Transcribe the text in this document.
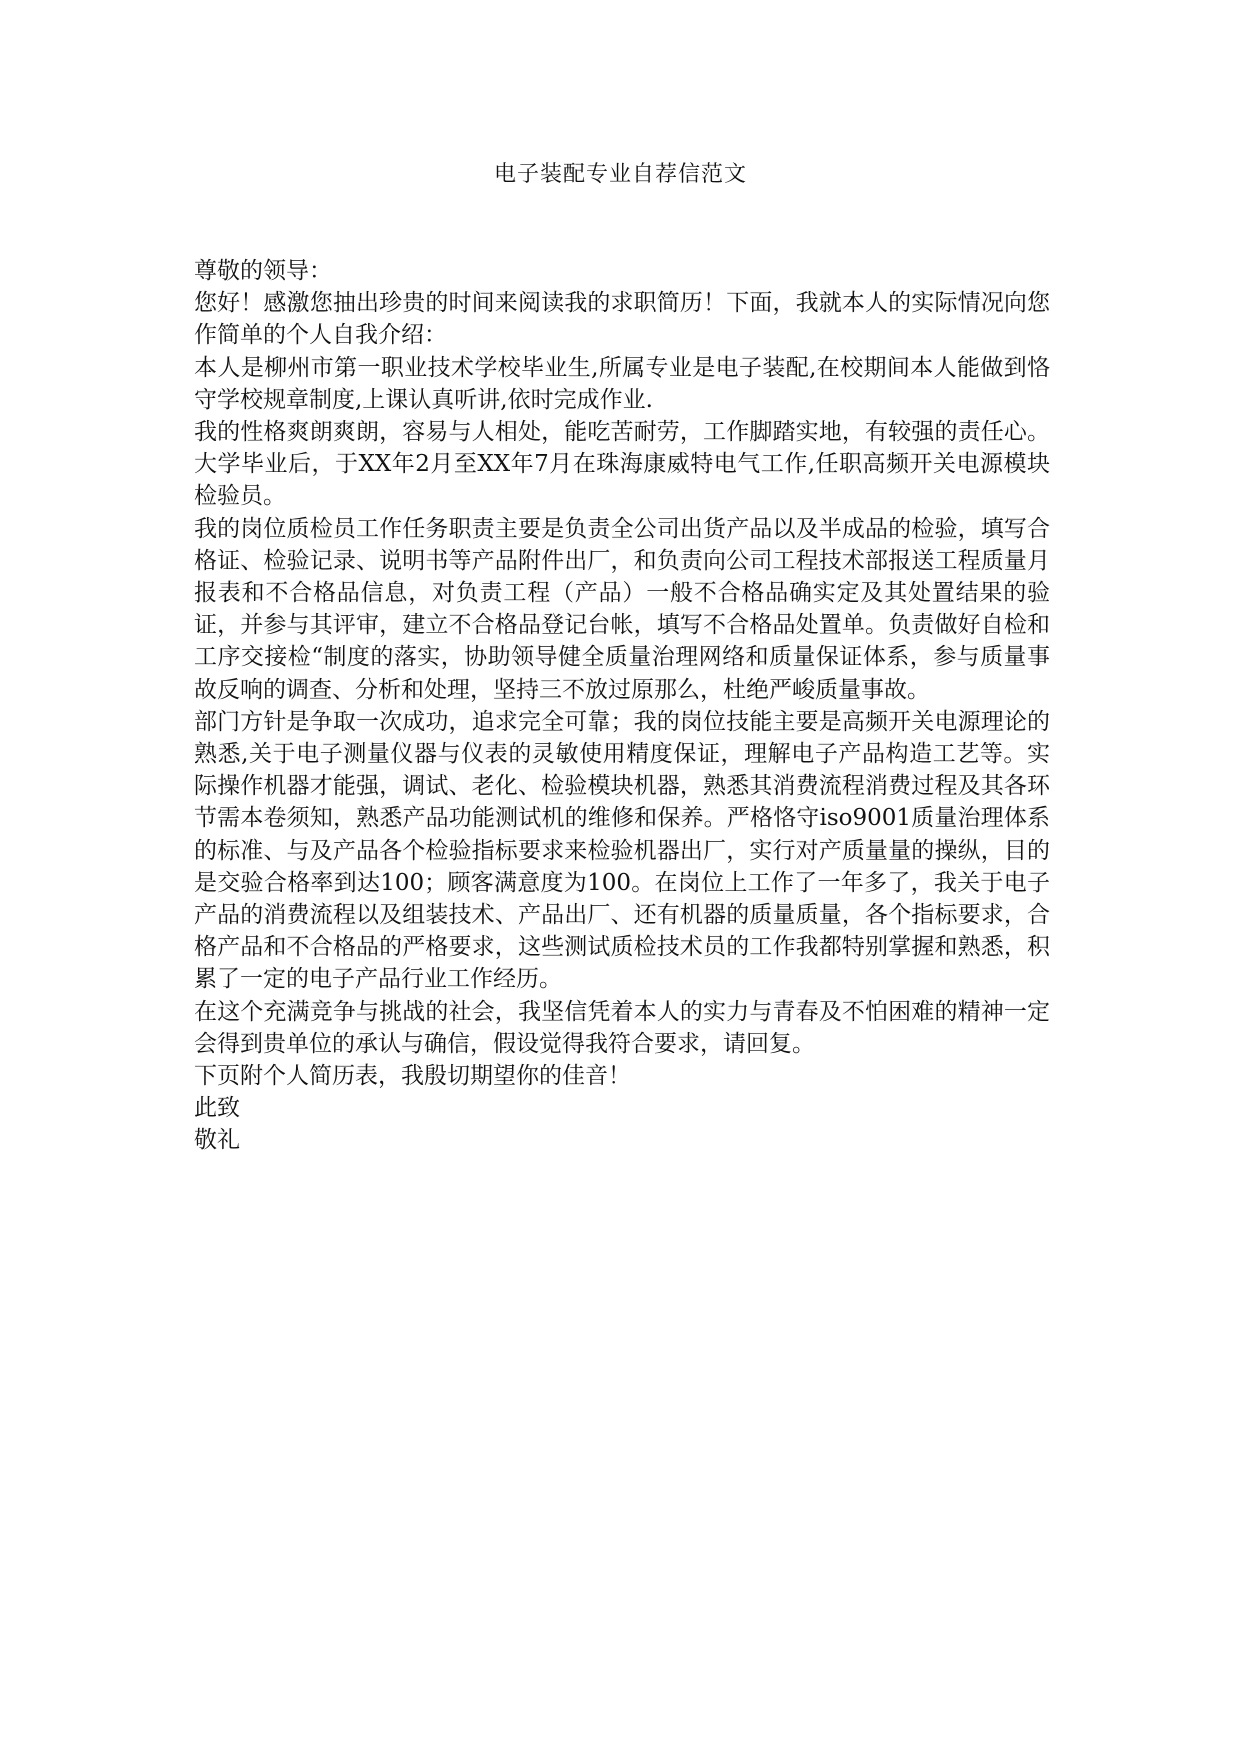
电子装配专业自荐信范文

尊敬的领导：

您好！感激您抽出珍贵的时间来阅读我的求职简历！下面，我就本人的实际情况向您作简单的个人自我介绍：

本人是柳州市第一职业技术学校毕业生,所属专业是电子装配,在校期间本人能做到恪守学校规章制度,上课认真听讲,依时完成作业.

我的性格爽朗爽朗，容易与人相处，能吃苦耐劳，工作脚踏实地，有较强的责任心。大学毕业后，于XX年2月至XX年7月在珠海康威特电气工作,任职高频开关电源模块检验员。

我的岗位质检员工作任务职责主要是负责全公司出货产品以及半成品的检验，填写合格证、检验记录、说明书等产品附件出厂，和负责向公司工程技术部报送工程质量月报表和不合格品信息，对负责工程（产品）一般不合格品确实定及其处置结果的验证，并参与其评审，建立不合格品登记台帐，填写不合格品处置单。负责做好自检和工序交接检“制度的落实，协助领导健全质量治理网络和质量保证体系，参与质量事故反响的调查、分析和处理，坚持三不放过原那么，杜绝严峻质量事故。

部门方针是争取一次成功，追求完全可靠；我的岗位技能主要是高频开关电源理论的熟悉,关于电子测量仪器与仪表的灵敏使用精度保证，理解电子产品构造工艺等。实际操作机器才能强，调试、老化、检验模块机器，熟悉其消费流程消费过程及其各环节需本卷须知，熟悉产品功能测试机的维修和保养。严格恪守iso9001质量治理体系的标准、与及产品各个检验指标要求来检验机器出厂，实行对产质量量的操纵，目的是交验合格率到达100；顾客满意度为100。在岗位上工作了一年多了，我关于电子产品的消费流程以及组装技术、产品出厂、还有机器的质量质量，各个指标要求，合格产品和不合格品的严格要求，这些测试质检技术员的工作我都特别掌握和熟悉，积累了一定的电子产品行业工作经历。

在这个充满竞争与挑战的社会，我坚信凭着本人的实力与青春及不怕困难的精神一定会得到贵单位的承认与确信，假设觉得我符合要求，请回复。

下页附个人简历表，我殷切期望你的佳音！

此致

敬礼
